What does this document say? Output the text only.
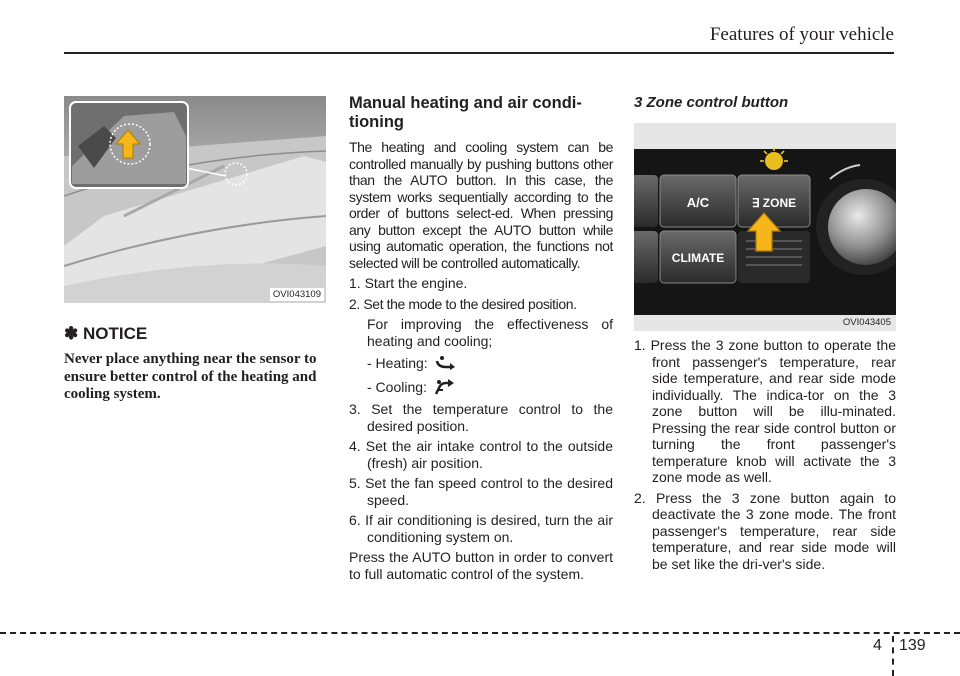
Features of your vehicle
OVI043109
✽ NOTICE
Never place anything near the sensor to ensure better control of the heating and cooling system.
Manual heating and air condi-tioning

The heating and cooling system can be controlled manually by pushing buttons other than the AUTO button. In this case, the system works sequentially according to the order of buttons select-ed. When pressing any button except the AUTO button while using automatic operation, the functions not selected will be controlled automatically.

1. Start the engine.

2. Set the mode to the desired position.

For improving the effectiveness of heating and cooling;

- Heating:
- Cooling:

3. Set the temperature control to the desired position.

4. Set the air intake control to the outside (fresh) air position.

5. Set the fan speed control to the desired speed.

6. If air conditioning is desired, turn the air conditioning system on.

Press the AUTO button in order to convert to full automatic control of the system.

3 Zone control button
A/C	∃ ZONE
CLIMATE
OVI043405

1. Press the 3 zone button to operate the front passenger's temperature, rear side temperature, and rear side mode individually. The indica-tor on the 3 zone button will be illu-minated. Pressing the rear side control button or turning the front passenger's temperature knob will activate the 3 zone mode as well.

2. Press the 3 zone button again to deactivate the 3 zone mode. The front passenger's temperature, rear side temperature, and rear side mode will be set like the dri-ver's side.

4 139
